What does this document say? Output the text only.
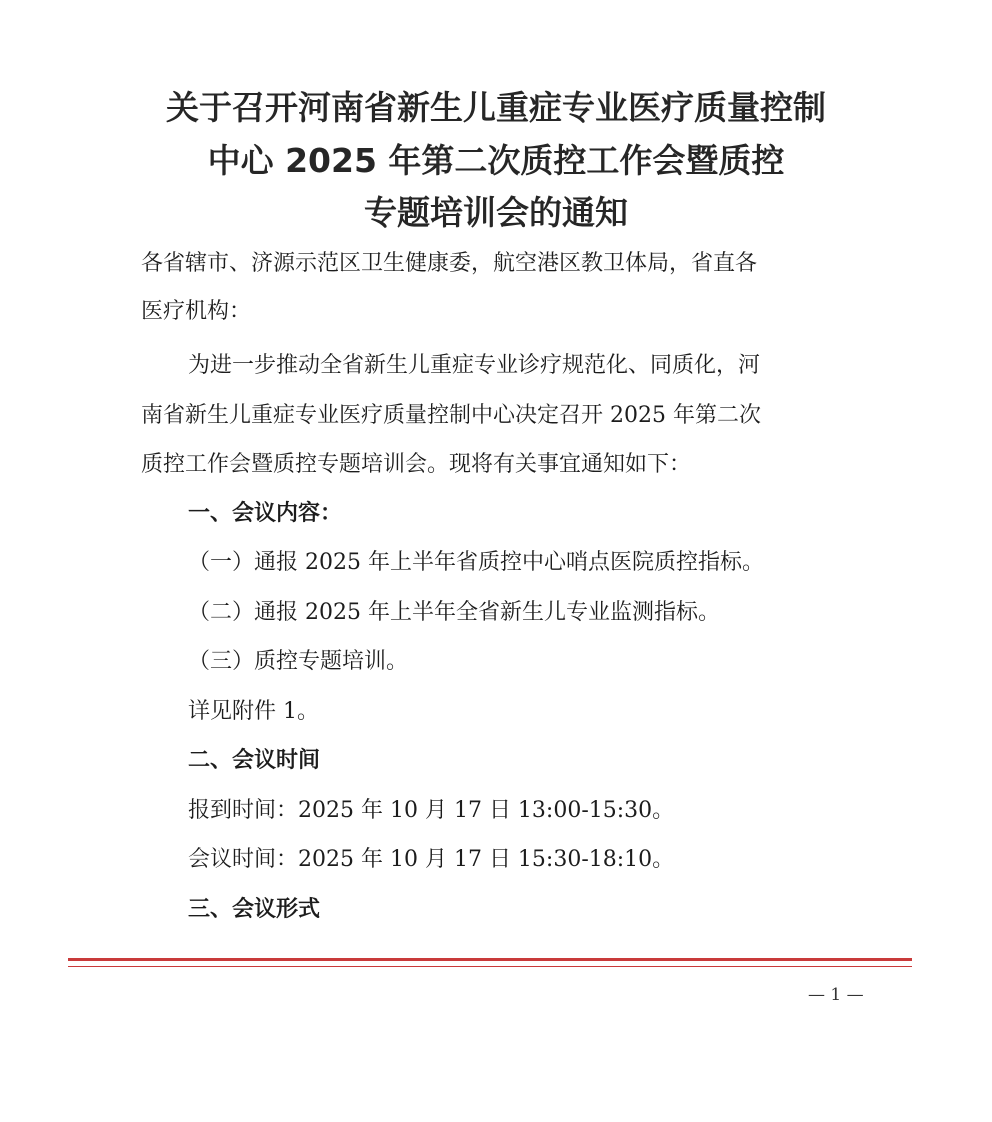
关于召开河南省新生儿重症专业医疗质量控制
中心 2025 年第二次质控工作会暨质控
专题培训会的通知
各省辖市、济源示范区卫生健康委，航空港区教卫体局，省直各
医疗机构：
为进一步推动全省新生儿重症专业诊疗规范化、同质化，河
南省新生儿重症专业医疗质量控制中心决定召开 2025 年第二次
质控工作会暨质控专题培训会。现将有关事宜通知如下：
一、会议内容：
（一）通报 2025 年上半年省质控中心哨点医院质控指标。
（二）通报 2025 年上半年全省新生儿专业监测指标。
（三）质控专题培训。
详见附件 1。
二、会议时间
报到时间：2025 年 10 月 17 日 13:00-15:30。
会议时间：2025 年 10 月 17 日 15:30-18:10。
三、会议形式
— 1 —
